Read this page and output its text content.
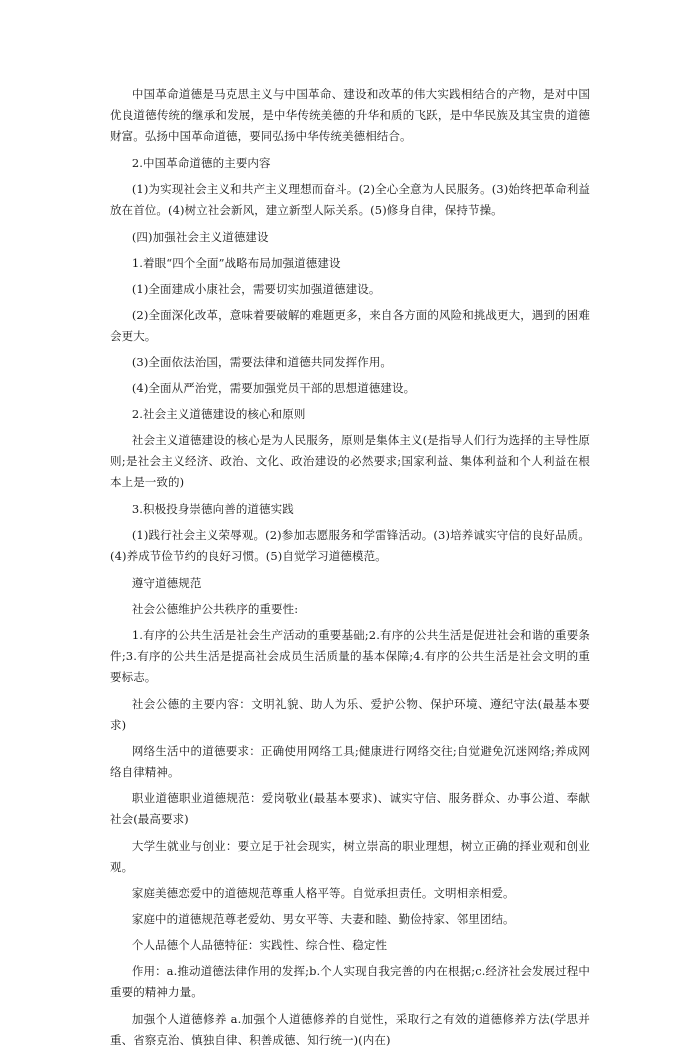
中国革命道德是马克思主义与中国革命、建设和改革的伟大实践相结合的产物，是对中国优良道德传统的继承和发展，是中华传统美德的升华和质的飞跃，是中华民族及其宝贵的道德财富。弘扬中国革命道德，要同弘扬中华传统美德相结合。

2.中国革命道德的主要内容

(1)为实现社会主义和共产主义理想而奋斗。(2)全心全意为人民服务。(3)始终把革命利益放在首位。(4)树立社会新风，建立新型人际关系。(5)修身自律，保持节操。

(四)加强社会主义道德建设

1.着眼“四个全面”战略布局加强道德建设

(1)全面建成小康社会，需要切实加强道德建设。

(2)全面深化改革，意味着要破解的难题更多，来自各方面的风险和挑战更大，遇到的困难会更大。

(3)全面依法治国，需要法律和道德共同发挥作用。

(4)全面从严治党，需要加强党员干部的思想道德建设。

2.社会主义道德建设的核心和原则

社会主义道德建设的核心是为人民服务，原则是集体主义(是指导人们行为选择的主导性原则;是社会主义经济、政治、文化、政治建设的必然要求;国家利益、集体利益和个人利益在根本上是一致的)

3.积极投身崇德向善的道德实践

(1)践行社会主义荣辱观。(2)参加志愿服务和学雷锋活动。(3)培养诚实守信的良好品质。(4)养成节俭节约的良好习惯。(5)自觉学习道德模范。

遵守道德规范

社会公德维护公共秩序的重要性:

1.有序的公共生活是社会生产活动的重要基础;2.有序的公共生活是促进社会和谐的重要条件;3.有序的公共生活是提高社会成员生活质量的基本保障;4.有序的公共生活是社会文明的重要标志。

社会公德的主要内容：文明礼貌、助人为乐、爱护公物、保护环境、遵纪守法(最基本要求)

网络生活中的道德要求：正确使用网络工具;健康进行网络交往;自觉避免沉迷网络;养成网络自律精神。

职业道德职业道德规范：爱岗敬业(最基本要求)、诚实守信、服务群众、办事公道、奉献社会(最高要求)

大学生就业与创业：要立足于社会现实，树立崇高的职业理想，树立正确的择业观和创业观。

家庭美德恋爱中的道德规范尊重人格平等。自觉承担责任。文明相亲相爱。

家庭中的道德规范尊老爱幼、男女平等、夫妻和睦、勤俭持家、邻里团结。

个人品德个人品德特征：实践性、综合性、稳定性

作用：a.推动道德法律作用的发挥;b.个人实现自我完善的内在根据;c.经济社会发展过程中重要的精神力量。

加强个人道德修养 a.加强个人道德修养的自觉性，采取行之有效的道德修养方法(学思并重、省察克治、慎独自律、积善成德、知行统一)(内在)
